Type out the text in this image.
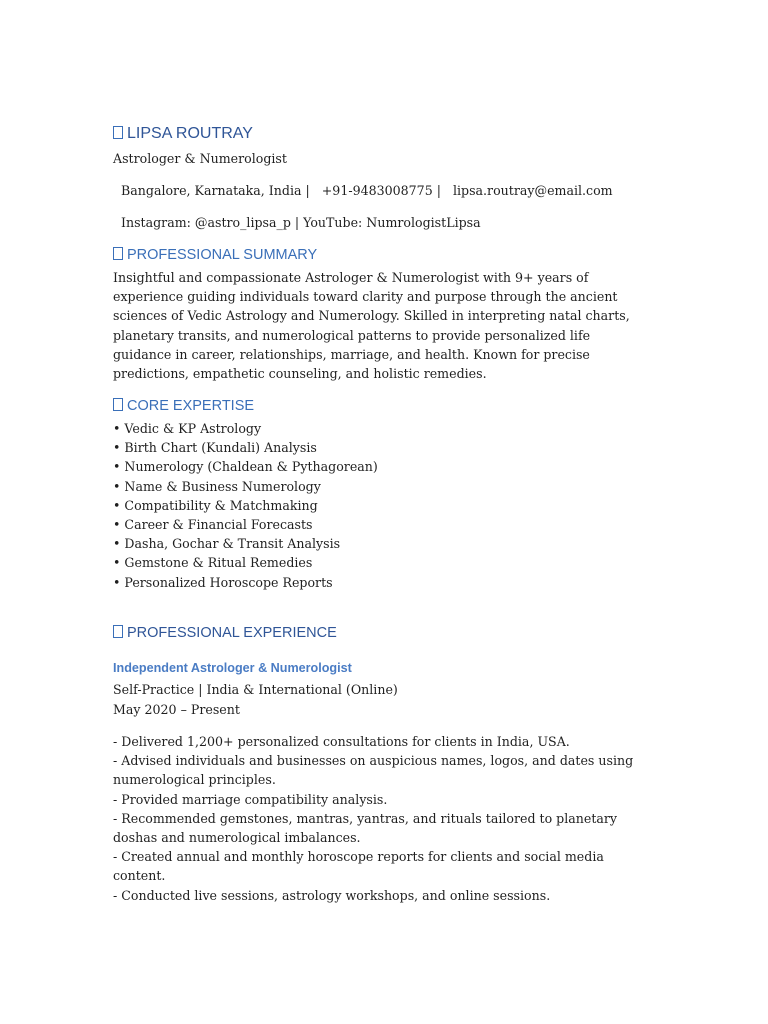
LIPSA ROUTRAY
Astrologer & Numerologist
Bangalore, Karnataka, India |   +91-9483008775 |   lipsa.routray@email.com
Instagram: @astro_lipsa_p | YouTube: NumrologistLipsa
PROFESSIONAL SUMMARY
Insightful and compassionate Astrologer & Numerologist with 9+ years of experience guiding individuals toward clarity and purpose through the ancient sciences of Vedic Astrology and Numerology. Skilled in interpreting natal charts, planetary transits, and numerological patterns to provide personalized life guidance in career, relationships, marriage, and health. Known for precise predictions, empathetic counseling, and holistic remedies.
CORE EXPERTISE
• Vedic & KP Astrology
• Birth Chart (Kundali) Analysis
• Numerology (Chaldean & Pythagorean)
• Name & Business Numerology
• Compatibility & Matchmaking
• Career & Financial Forecasts
• Dasha, Gochar & Transit Analysis
• Gemstone & Ritual Remedies
• Personalized Horoscope Reports
PROFESSIONAL EXPERIENCE
Independent Astrologer & Numerologist
Self-Practice | India & International (Online)
May 2020 – Present
- Delivered 1,200+ personalized consultations for clients in India, USA.
- Advised individuals and businesses on auspicious names, logos, and dates using numerological principles.
- Provided marriage compatibility analysis.
- Recommended gemstones, mantras, yantras, and rituals tailored to planetary doshas and numerological imbalances.
- Created annual and monthly horoscope reports for clients and social media content.
- Conducted live sessions, astrology workshops, and online sessions.
